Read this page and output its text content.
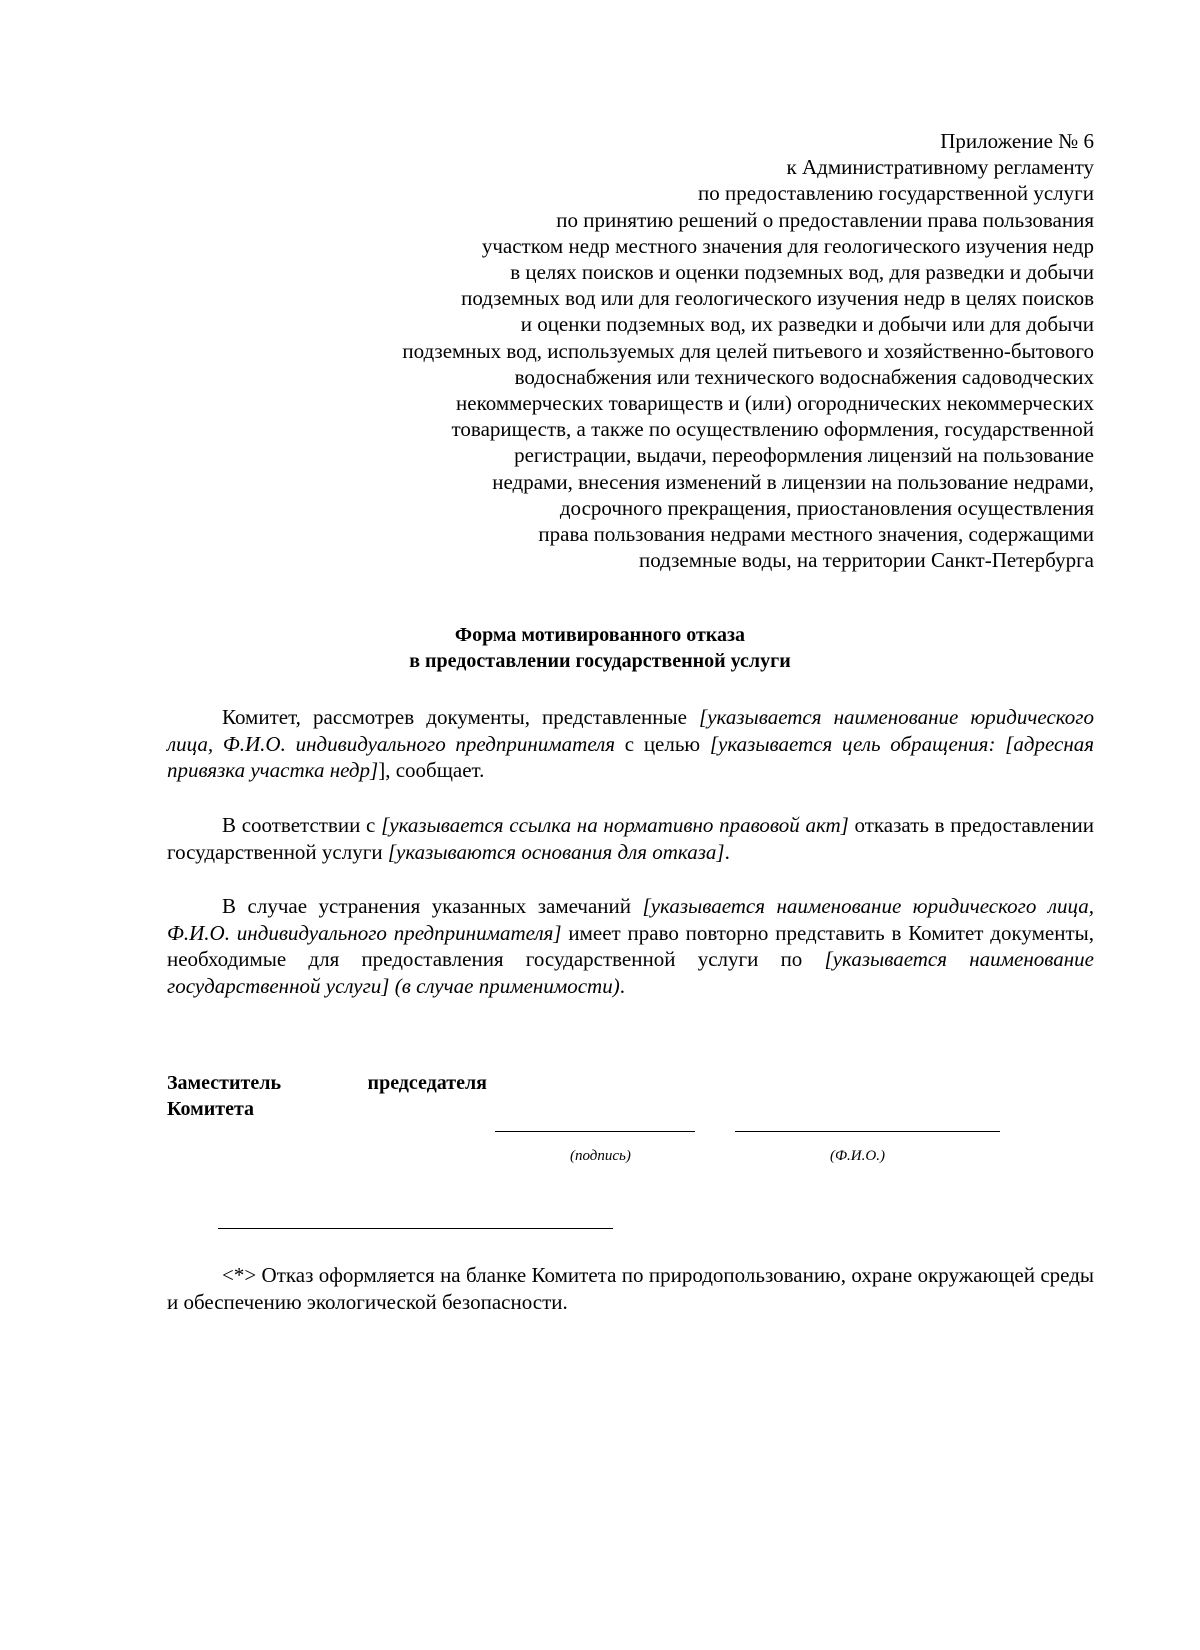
Приложение № 6
к Административному регламенту
по предоставлению государственной услуги
по принятию решений о предоставлении права пользования
участком недр местного значения для геологического изучения недр
в целях поисков и оценки подземных вод, для разведки и добычи
подземных вод или для геологического изучения недр в целях поисков
и оценки подземных вод, их разведки и добычи или для добычи
подземных вод, используемых для целей питьевого и хозяйственно-бытового
водоснабжения или технического водоснабжения садоводческих
некоммерческих товариществ и (или) огороднических некоммерческих
товариществ, а также по осуществлению оформления, государственной
регистрации, выдачи, переоформления лицензий на пользование
недрами, внесения изменений в лицензии на пользование недрами,
досрочного прекращения, приостановления осуществления
права пользования недрами местного значения, содержащими
подземные воды, на территории Санкт-Петербурга
Форма мотивированного отказа
в предоставлении государственной услуги

Комитет, рассмотрев документы, представленные [указывается наименование юридического лица, Ф.И.О. индивидуального предпринимателя с целью [указывается цель обращения: [адресная привязка участка недр]], сообщает.

В соответствии с [указывается ссылка на нормативно правовой акт] отказать в предоставлении государственной услуги [указываются основания для отказа].

В случае устранения указанных замечаний [указывается наименование юридического лица, Ф.И.О. индивидуального предпринимателя] имеет право повторно представить в Комитет документы, необходимые для предоставления государственной услуги по [указывается наименование государственной услуги] (в случае применимости).

Заместитель	председателя
Комитета
(подпись)	(Ф.И.О.)

<*> Отказ оформляется на бланке Комитета по природопользованию, охране окружающей среды и обеспечению экологической безопасности.
